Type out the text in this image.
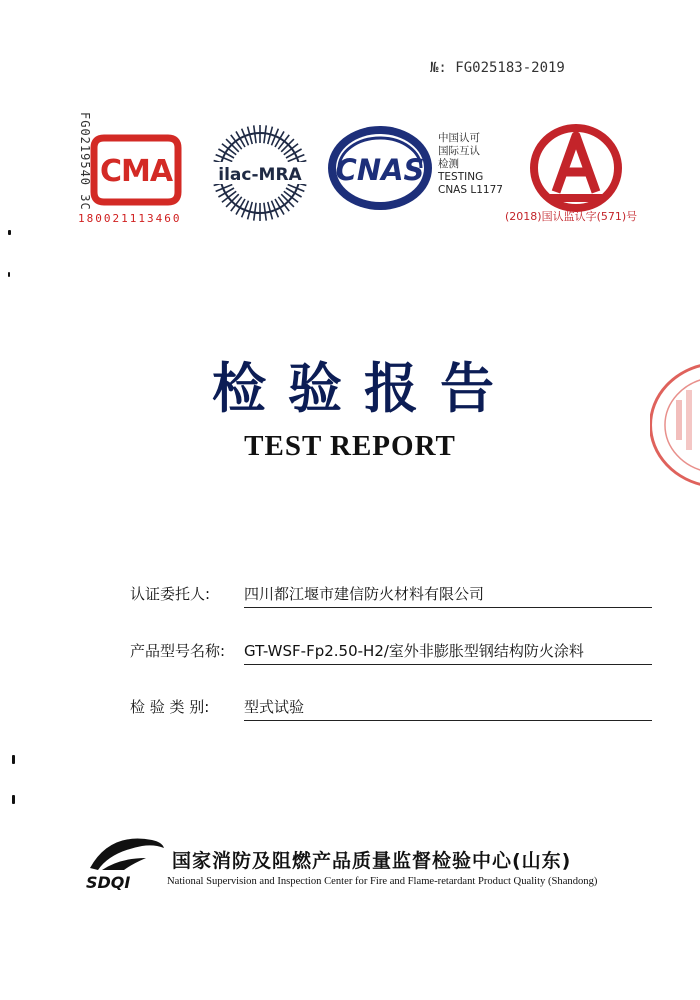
№: FG025183-2019
FG0219540 3C CMA
180021113460
ilac-MRA CNAS
中国认可
国际互认
检测
TESTING
CNAS L1177
(2018)国认监认字(571)号
检验报告
TEST REPORT
认证委托人: 四川都江堰市建信防火材料有限公司
产品型号名称: GT-WSF-Fp2.50-H2/室外非膨胀型钢结构防火涂料
检 验 类 别: 型式试验
SDQI
国家消防及阻燃产品质量监督检验中心(山东)
National Supervision and Inspection Center for Fire and Flame-retardant Product Quality (Shandong)
